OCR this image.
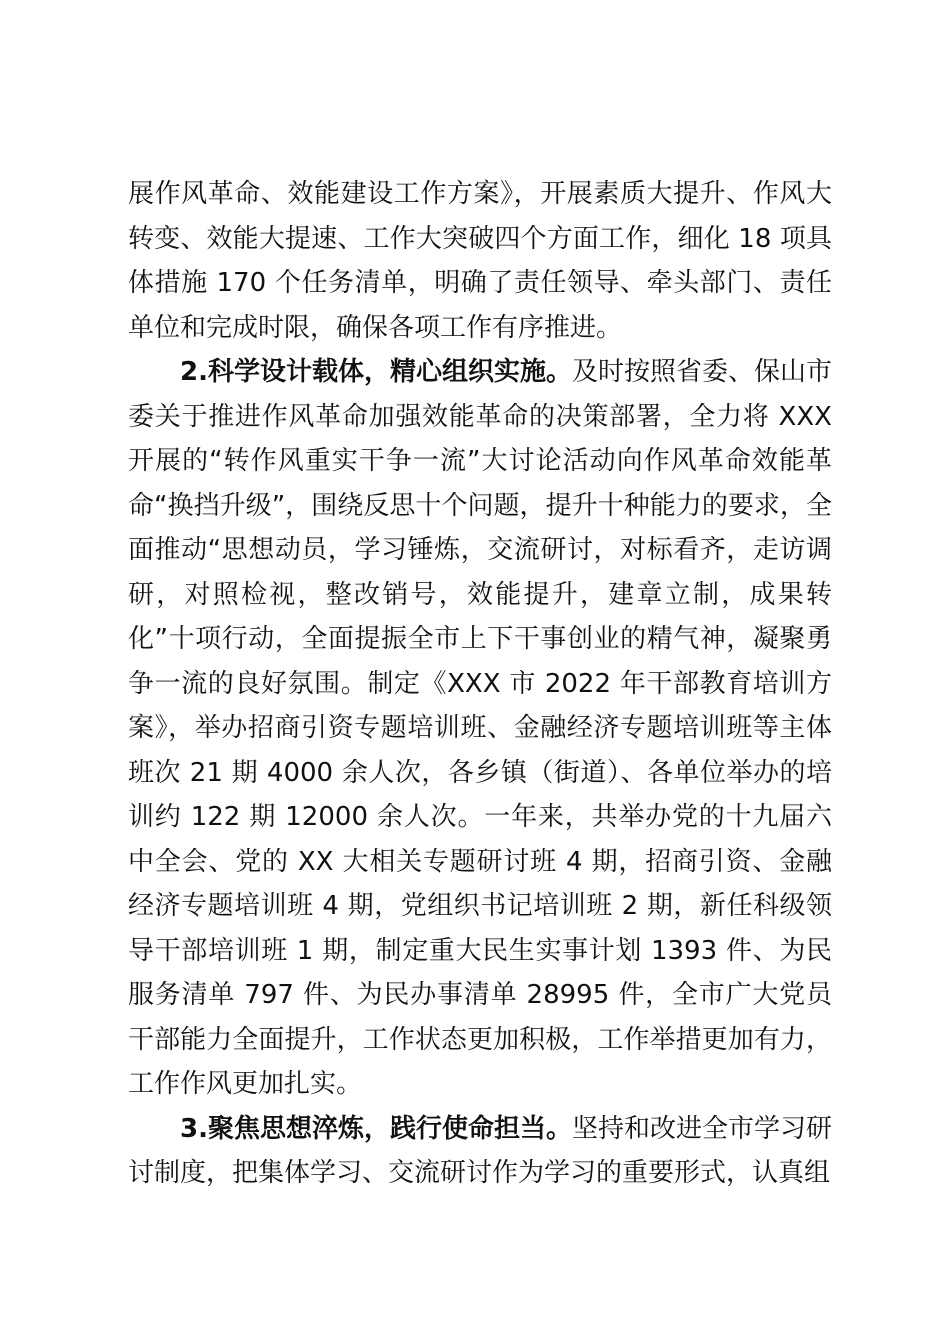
展作风革命、效能建设工作方案》，开展素质大提升、作风大转变、效能大提速、工作大突破四个方面工作，细化 18 项具体措施 170 个任务清单，明确了责任领导、牵头部门、责任单位和完成时限，确保各项工作有序推进。

2.科学设计载体，精心组织实施。及时按照省委、保山市委关于推进作风革命加强效能革命的决策部署，全力将 XXX 开展的“转作风重实干争一流”大讨论活动向作风革命效能革命“换挡升级”，围绕反思十个问题，提升十种能力的要求，全面推动“思想动员，学习锤炼，交流研讨，对标看齐，走访调研，对照检视，整改销号，效能提升，建章立制，成果转化”十项行动，全面提振全市上下干事创业的精气神，凝聚勇争一流的良好氛围。制定《XXX 市 2022 年干部教育培训方案》，举办招商引资专题培训班、金融经济专题培训班等主体班次 21 期 4000 余人次，各乡镇（街道）、各单位举办的培训约 122 期 12000 余人次。一年来，共举办党的十九届六中全会、党的 XX 大相关专题研讨班 4 期，招商引资、金融经济专题培训班 4 期，党组织书记培训班 2 期，新任科级领导干部培训班 1 期，制定重大民生实事计划 1393 件、为民服务清单 797 件、为民办事清单 28995 件，全市广大党员干部能力全面提升，工作状态更加积极，工作举措更加有力，工作作风更加扎实。

3.聚焦思想淬炼，践行使命担当。坚持和改进全市学习研讨制度，把集体学习、交流研讨作为学习的重要形式，认真组
